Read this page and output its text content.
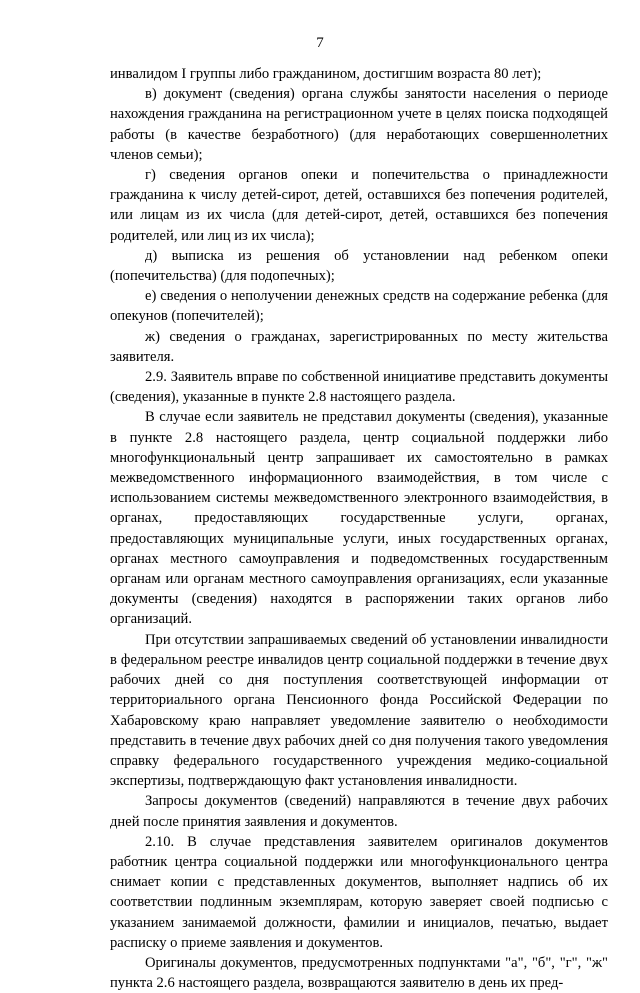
7

инвалидом I группы либо гражданином, достигшим возраста 80 лет);

в) документ (сведения) органа службы занятости населения о периоде нахождения гражданина на регистрационном учете в целях поиска подходящей работы (в качестве безработного) (для неработающих совершеннолетних членов семьи);

г) сведения органов опеки и попечительства о принадлежности гражданина к числу детей-сирот, детей, оставшихся без попечения родителей, или лицам из их числа (для детей-сирот, детей, оставшихся без попечения родителей, или лиц из их числа);

д) выписка из решения об установлении над ребенком опеки (попечительства) (для подопечных);

е) сведения о неполучении денежных средств на содержание ребенка (для опекунов (попечителей);

ж) сведения о гражданах, зарегистрированных по месту жительства заявителя.

2.9. Заявитель вправе по собственной инициативе представить документы (сведения), указанные в пункте 2.8 настоящего раздела.

В случае если заявитель не представил документы (сведения), указанные в пункте 2.8 настоящего раздела, центр социальной поддержки либо многофункциональный центр запрашивает их самостоятельно в рамках межведомственного информационного взаимодействия, в том числе с использованием системы межведомственного электронного взаимодействия, в органах, предоставляющих государственные услуги, органах, предоставляющих муниципальные услуги, иных государственных органах, органах местного самоуправления и подведомственных государственным органам или органам местного самоуправления организациях, если указанные документы (сведения) находятся в распоряжении таких органов либо организаций.

При отсутствии запрашиваемых сведений об установлении инвалидности в федеральном реестре инвалидов центр социальной поддержки в течение двух рабочих дней со дня поступления соответствующей информации от территориального органа Пенсионного фонда Российской Федерации по Хабаровскому краю направляет уведомление заявителю о необходимости представить в течение двух рабочих дней со дня получения такого уведомления справку федерального государственного учреждения медико-социальной экспертизы, подтверждающую факт установления инвалидности.

Запросы документов (сведений) направляются в течение двух рабочих дней после принятия заявления и документов.

2.10. В случае представления заявителем оригиналов документов работник центра социальной поддержки или многофункционального центра снимает копии с представленных документов, выполняет надпись об их соответствии подлинным экземплярам, которую заверяет своей подписью с указанием занимаемой должности, фамилии и инициалов, печатью, выдает расписку о приеме заявления и документов.

Оригиналы документов, предусмотренных подпунктами "а", "б", "г", "ж" пункта 2.6 настоящего раздела, возвращаются заявителю в день их пред-
